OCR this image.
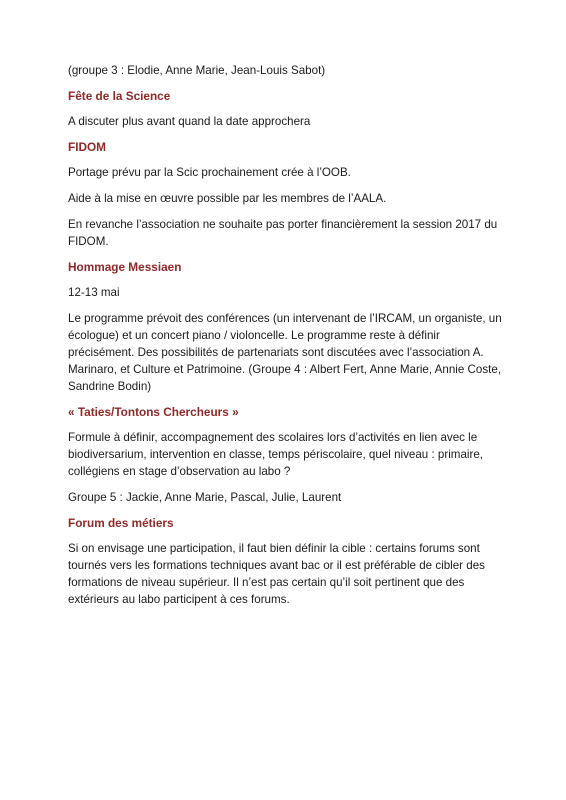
(groupe 3 : Elodie, Anne Marie, Jean-Louis Sabot)

Fête de la Science

A discuter plus avant quand la date approchera

FIDOM

Portage prévu par la Scic prochainement crée à l’OOB.

Aide à la mise en œuvre possible par les membres de l’AALA.

En revanche l’association ne souhaite pas porter financièrement la session 2017 du FIDOM.

Hommage Messiaen

12-13 mai

Le programme prévoit des conférences (un intervenant de l’IRCAM, un organiste, un écologue) et un concert piano / violoncelle. Le programme reste à définir précisément. Des possibilités de partenariats sont discutées avec l’association A. Marinaro, et Culture et Patrimoine. (Groupe 4 : Albert Fert, Anne Marie, Annie Coste, Sandrine Bodin)

« Taties/Tontons Chercheurs »

Formule à définir, accompagnement des scolaires lors d’activités en lien avec le biodiversarium, intervention en classe, temps périscolaire, quel niveau : primaire, collégiens en stage d’observation au labo ?

Groupe 5 : Jackie, Anne Marie, Pascal, Julie, Laurent

Forum des métiers

Si on envisage une participation, il faut bien définir la cible : certains forums sont tournés vers les formations techniques avant bac or il est préférable de cibler des formations de niveau supérieur. Il n’est pas certain qu’il soit pertinent que des extérieurs au labo participent à ces forums.
